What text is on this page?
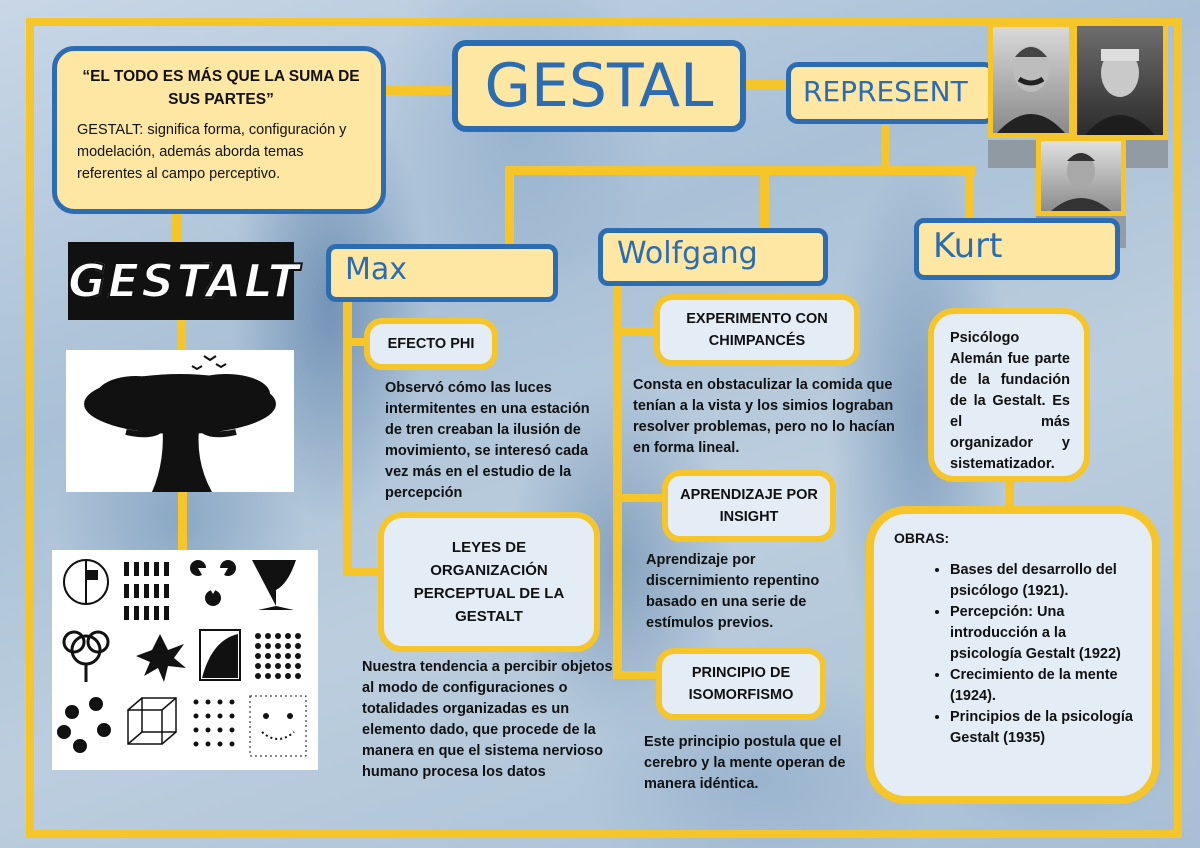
“EL TODO ES MÁS QUE LA SUMA DE SUS PARTES”
GESTALT: significa forma, configuración y modelación, además aborda temas referentes al campo perceptivo.
GESTAL	REPRESENT
GESTALT	Max
EFECTO PHI
Observó cómo las luces intermitentes en una estación de tren creaban la ilusión de movimiento, se interesó cada vez más en el estudio de la percepción
LEYES DE ORGANIZACIÓN PERCEPTUAL DE LA GESTALT
Nuestra tendencia a percibir objetos al modo de configuraciones o totalidades organizadas es un elemento dado, que procede de la manera en que el sistema nervioso humano procesa los datos
Wolfgang
EXPERIMENTO CON CHIMPANCÉS
Consta en obstaculizar la comida que tenían a la vista y los simios lograban resolver problemas, pero no lo hacían en forma lineal.
APRENDIZAJE POR INSIGHT
Aprendizaje por discernimiento repentino basado en una serie de estímulos previos.
PRINCIPIO DE ISOMORFISMO
Este principio postula que el cerebro y la mente operan de manera idéntica.
Kurt
Psicólogo Alemán fue parte de la fundación de la Gestalt. Es el más organizador y sistematizador.
OBRAS:
• Bases del desarrollo del psicólogo (1921).
• Percepción: Una introducción a la psicología Gestalt (1922)
• Crecimiento de la mente (1924).
• Principios de la psicología Gestalt (1935)
